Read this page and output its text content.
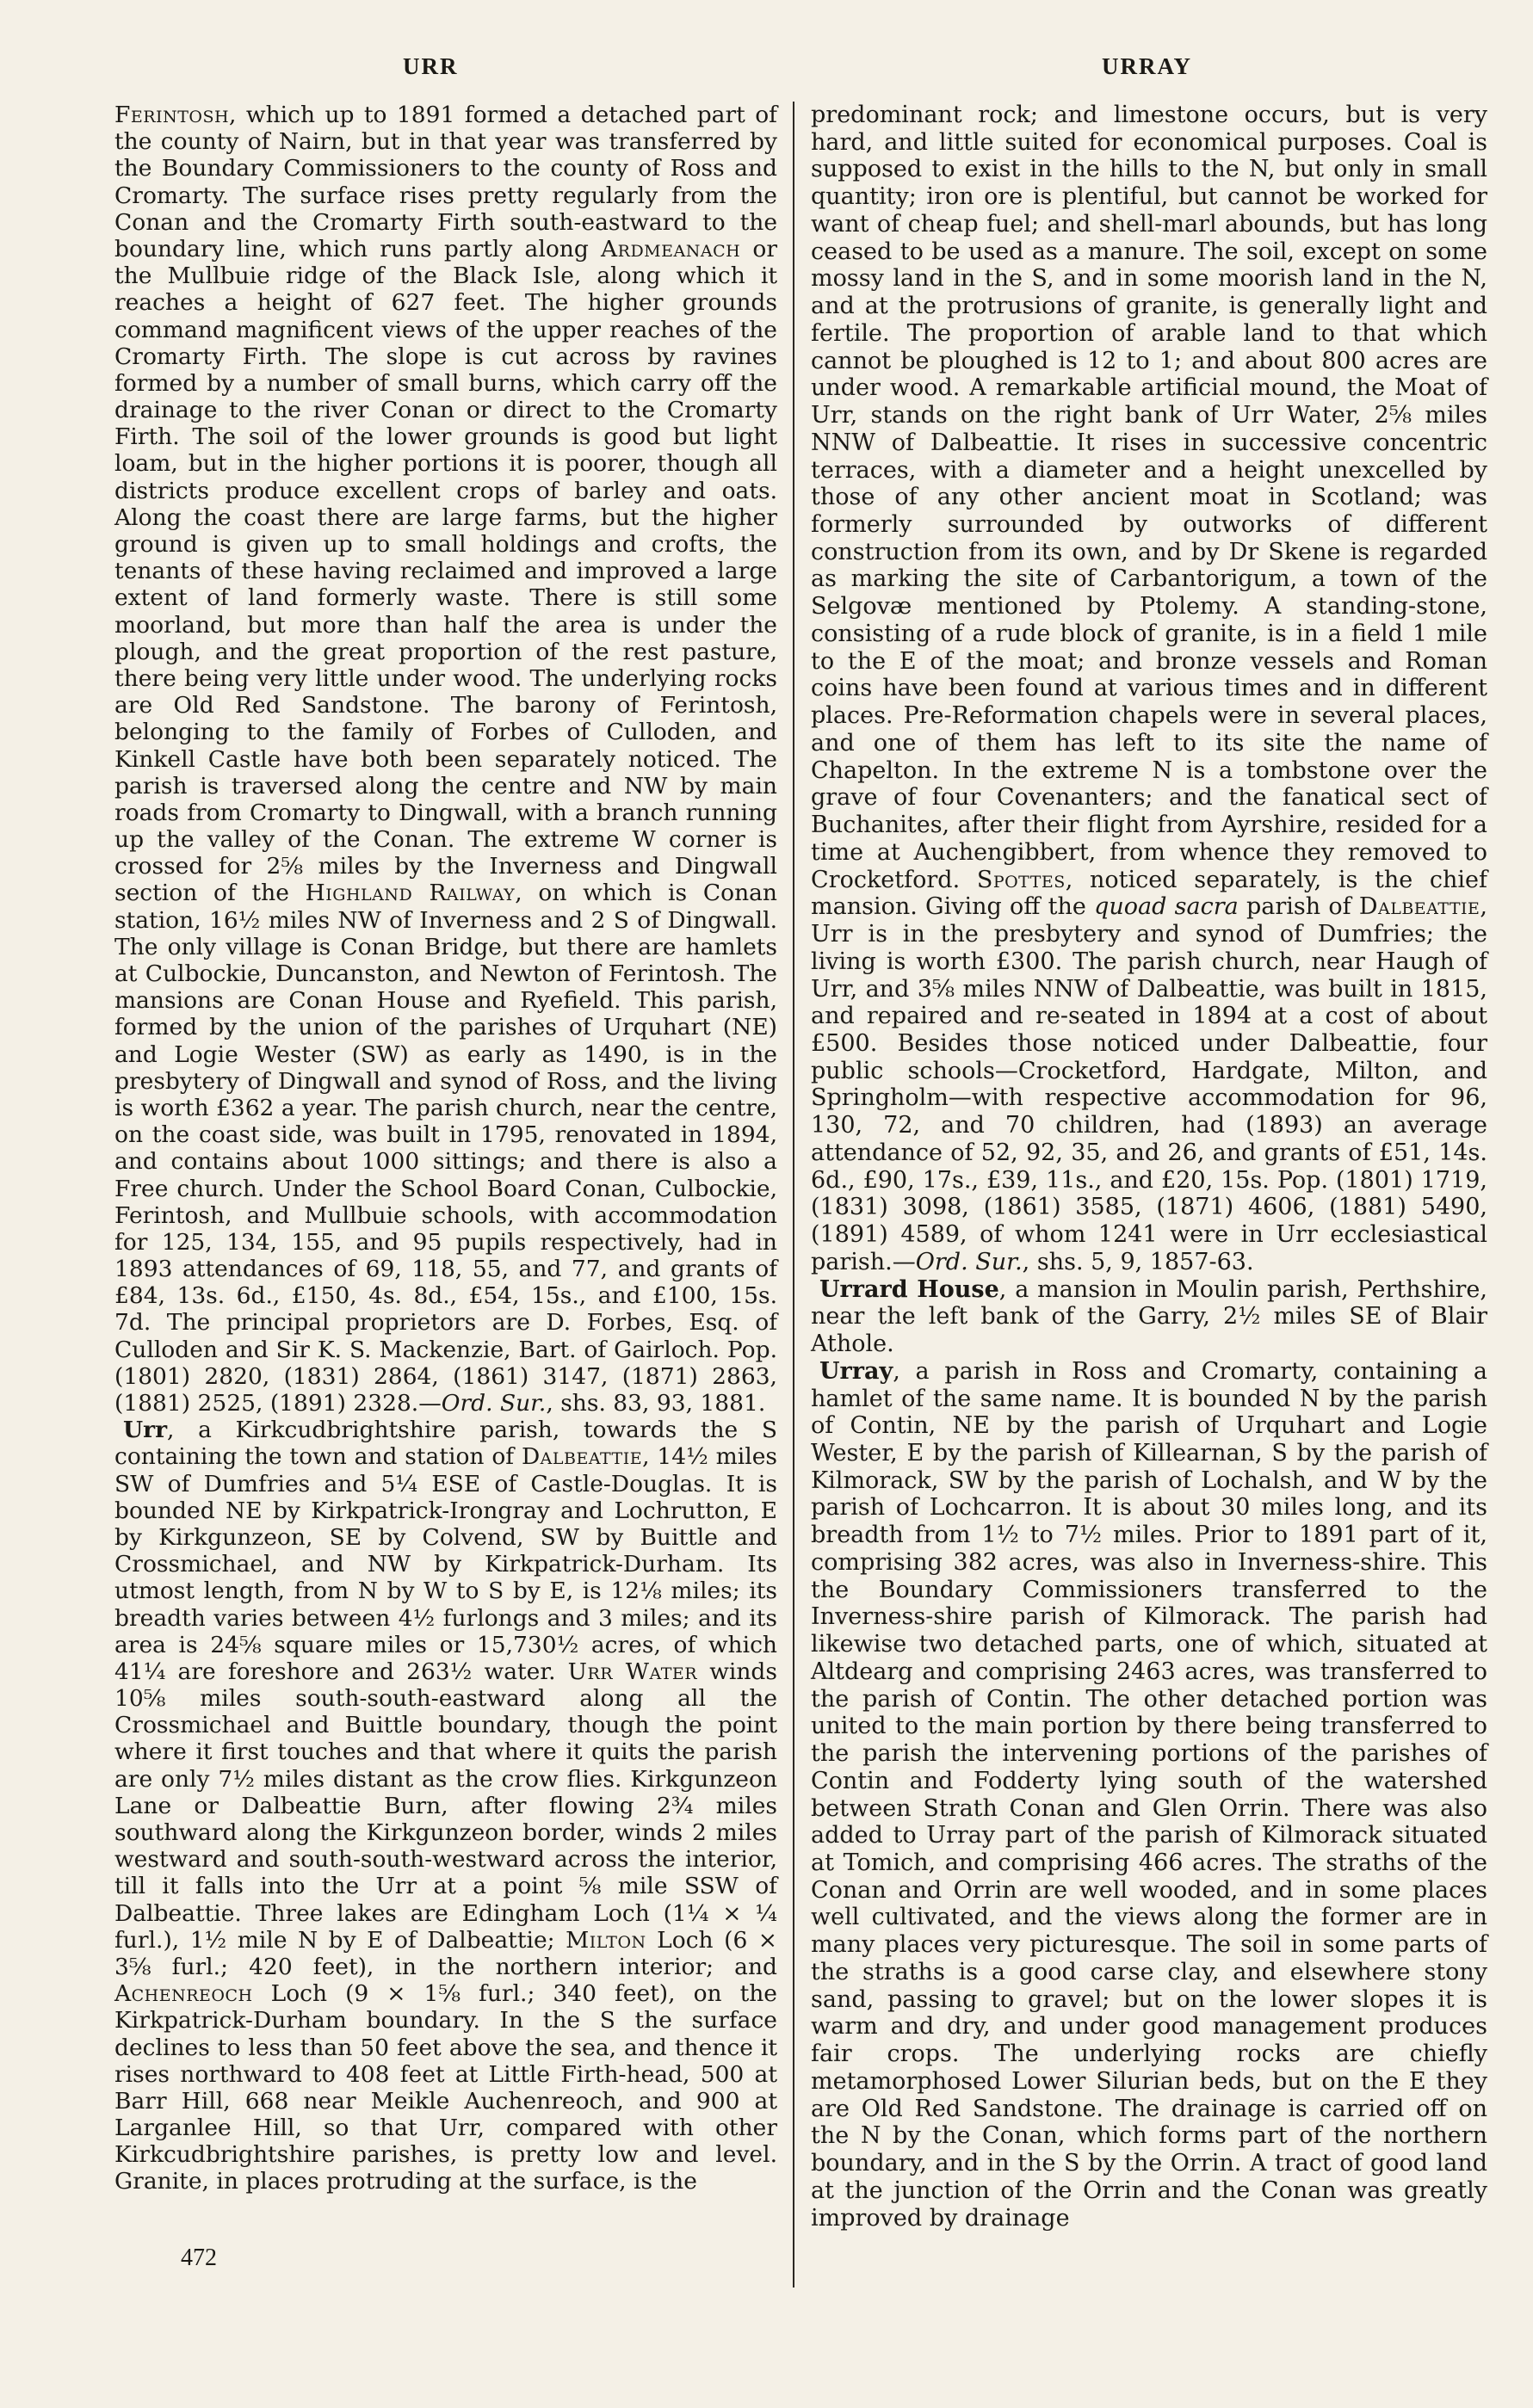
URR	URRAY

Ferintosh, which up to 1891 formed a detached part of the county of Nairn, but in that year was transferred by the Boundary Commissioners to the county of Ross and Cromarty. The surface rises pretty regularly from the Conan and the Cromarty Firth south-eastward to the boundary line, which runs partly along Ardmeanach or the Mullbuie ridge of the Black Isle, along which it reaches a height of 627 feet. The higher grounds command magnificent views of the upper reaches of the Cromarty Firth. The slope is cut across by ravines formed by a number of small burns, which carry off the drainage to the river Conan or direct to the Cromarty Firth. The soil of the lower grounds is good but light loam, but in the higher portions it is poorer, though all districts produce excellent crops of barley and oats. Along the coast there are large farms, but the higher ground is given up to small holdings and crofts, the tenants of these having reclaimed and improved a large extent of land formerly waste. There is still some moorland, but more than half the area is under the plough, and the great proportion of the rest pasture, there being very little under wood. The underlying rocks are Old Red Sandstone. The barony of Ferintosh, belonging to the family of Forbes of Culloden, and Kinkell Castle have both been separately noticed. The parish is traversed along the centre and NW by main roads from Cromarty to Dingwall, with a branch running up the valley of the Conan. The extreme W corner is crossed for 2⅝ miles by the Inverness and Dingwall section of the Highland Railway, on which is Conan station, 16½ miles NW of Inverness and 2 S of Dingwall. The only village is Conan Bridge, but there are hamlets at Culbockie, Duncanston, and Newton of Ferintosh. The mansions are Conan House and Ryefield. This parish, formed by the union of the parishes of Urquhart (NE) and Logie Wester (SW) as early as 1490, is in the presbytery of Dingwall and synod of Ross, and the living is worth £362 a year. The parish church, near the centre, on the coast side, was built in 1795, renovated in 1894, and contains about 1000 sittings; and there is also a Free church. Under the School Board Conan, Culbockie, Ferintosh, and Mullbuie schools, with accommodation for 125, 134, 155, and 95 pupils respectively, had in 1893 attendances of 69, 118, 55, and 77, and grants of £84, 13s. 6d., £150, 4s. 8d., £54, 15s., and £100, 15s. 7d. The principal proprietors are D. Forbes, Esq. of Culloden and Sir K. S. Mackenzie, Bart. of Gairloch. Pop. (1801) 2820, (1831) 2864, (1861) 3147, (1871) 2863, (1881) 2525, (1891) 2328.—Ord. Sur., shs. 83, 93, 1881.

Urr, a Kirkcudbrightshire parish, towards the S containing the town and station of Dalbeattie, 14½ miles SW of Dumfries and 5¼ ESE of Castle-Douglas. It is bounded NE by Kirkpatrick-Irongray and Lochrutton, E by Kirkgunzeon, SE by Colvend, SW by Buittle and Crossmichael, and NW by Kirkpatrick-Durham. Its utmost length, from N by W to S by E, is 12⅛ miles; its breadth varies between 4½ furlongs and 3 miles; and its area is 24⅝ square miles or 15,730½ acres, of which 41¼ are foreshore and 263½ water. Urr Water winds 10⅝ miles south-south-eastward along all the Crossmichael and Buittle boundary, though the point where it first touches and that where it quits the parish are only 7½ miles distant as the crow flies. Kirkgunzeon Lane or Dalbeattie Burn, after flowing 2¾ miles southward along the Kirkgunzeon border, winds 2 miles westward and south-south-westward across the interior, till it falls into the Urr at a point ⅝ mile SSW of Dalbeattie. Three lakes are Edingham Loch (1¼ × ¼ furl.), 1½ mile N by E of Dalbeattie; Milton Loch (6 × 3⅝ furl.; 420 feet), in the northern interior; and Achenreoch Loch (9 × 1⅝ furl.; 340 feet), on the Kirkpatrick-Durham boundary. In the S the surface declines to less than 50 feet above the sea, and thence it rises northward to 408 feet at Little Firth-head, 500 at Barr Hill, 668 near Meikle Auchenreoch, and 900 at Larganlee Hill, so that Urr, compared with other Kirkcudbrightshire parishes, is pretty low and level. Granite, in places protruding at the surface, is the

predominant rock; and limestone occurs, but is very hard, and little suited for economical purposes. Coal is supposed to exist in the hills to the N, but only in small quantity; iron ore is plentiful, but cannot be worked for want of cheap fuel; and shell-marl abounds, but has long ceased to be used as a manure. The soil, except on some mossy land in the S, and in some moorish land in the N, and at the protrusions of granite, is generally light and fertile. The proportion of arable land to that which cannot be ploughed is 12 to 1; and about 800 acres are under wood. A remarkable artificial mound, the Moat of Urr, stands on the right bank of Urr Water, 2⅝ miles NNW of Dalbeattie. It rises in successive concentric terraces, with a diameter and a height unexcelled by those of any other ancient moat in Scotland; was formerly surrounded by outworks of different construction from its own, and by Dr Skene is regarded as marking the site of Carbantorigum, a town of the Selgovæ mentioned by Ptolemy. A standing-stone, consisting of a rude block of granite, is in a field 1 mile to the E of the moat; and bronze vessels and Roman coins have been found at various times and in different places. Pre-Reformation chapels were in several places, and one of them has left to its site the name of Chapelton. In the extreme N is a tombstone over the grave of four Covenanters; and the fanatical sect of Buchanites, after their flight from Ayrshire, resided for a time at Auchengibbert, from whence they removed to Crocketford. Spottes, noticed separately, is the chief mansion. Giving off the quoad sacra parish of Dalbeattie, Urr is in the presbytery and synod of Dumfries; the living is worth £300. The parish church, near Haugh of Urr, and 3⅝ miles NNW of Dalbeattie, was built in 1815, and repaired and re-seated in 1894 at a cost of about £500. Besides those noticed under Dalbeattie, four public schools—Crocketford, Hardgate, Milton, and Springholm—with respective accommodation for 96, 130, 72, and 70 children, had (1893) an average attendance of 52, 92, 35, and 26, and grants of £51, 14s. 6d., £90, 17s., £39, 11s., and £20, 15s. Pop. (1801) 1719, (1831) 3098, (1861) 3585, (1871) 4606, (1881) 5490, (1891) 4589, of whom 1241 were in Urr ecclesiastical parish.—Ord. Sur., shs. 5, 9, 1857-63.

Urrard House, a mansion in Moulin parish, Perthshire, near the left bank of the Garry, 2½ miles SE of Blair Athole.

Urray, a parish in Ross and Cromarty, containing a hamlet of the same name. It is bounded N by the parish of Contin, NE by the parish of Urquhart and Logie Wester, E by the parish of Killearnan, S by the parish of Kilmorack, SW by the parish of Lochalsh, and W by the parish of Lochcarron. It is about 30 miles long, and its breadth from 1½ to 7½ miles. Prior to 1891 part of it, comprising 382 acres, was also in Inverness-shire. This the Boundary Commissioners transferred to the Inverness-shire parish of Kilmorack. The parish had likewise two detached parts, one of which, situated at Altdearg and comprising 2463 acres, was transferred to the parish of Contin. The other detached portion was united to the main portion by there being transferred to the parish the intervening portions of the parishes of Contin and Fodderty lying south of the watershed between Strath Conan and Glen Orrin. There was also added to Urray part of the parish of Kilmorack situated at Tomich, and comprising 466 acres. The straths of the Conan and Orrin are well wooded, and in some places well cultivated, and the views along the former are in many places very picturesque. The soil in some parts of the straths is a good carse clay, and elsewhere stony sand, passing to gravel; but on the lower slopes it is warm and dry, and under good management produces fair crops. The underlying rocks are chiefly metamorphosed Lower Silurian beds, but on the E they are Old Red Sandstone. The drainage is carried off on the N by the Conan, which forms part of the northern boundary, and in the S by the Orrin. A tract of good land at the junction of the Orrin and the Conan was greatly improved by drainage

472
